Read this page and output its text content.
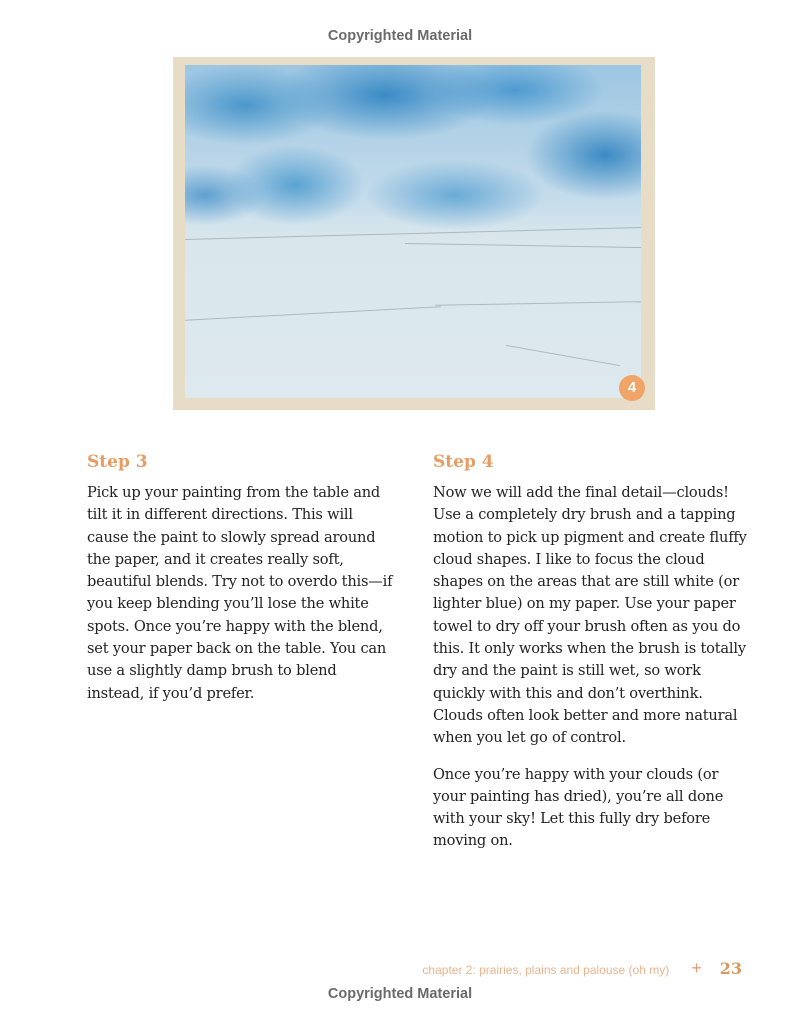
Copyrighted Material
4
Step 3

Pick up your painting from the table and tilt it in different directions. This will cause the paint to slowly spread around the paper, and it creates really soft, beautiful blends. Try not to overdo this—if you keep blending you’ll lose the white spots. Once you’re happy with the blend, set your paper back on the table. You can use a slightly damp brush to blend instead, if you’d prefer.

Step 4

Now we will add the final detail—clouds! Use a completely dry brush and a tapping motion to pick up pigment and create fluffy cloud shapes. I like to focus the cloud shapes on the areas that are still white (or lighter blue) on my paper. Use your paper towel to dry off your brush often as you do this. It only works when the brush is totally dry and the paint is still wet, so work quickly with this and don’t overthink. Clouds often look better and more natural when you let go of control.

Once you’re happy with your clouds (or your painting has dried), you’re all done with your sky! Let this fully dry before moving on.

chapter 2: prairies, plains and palouse (oh my) + 23
Copyrighted Material
